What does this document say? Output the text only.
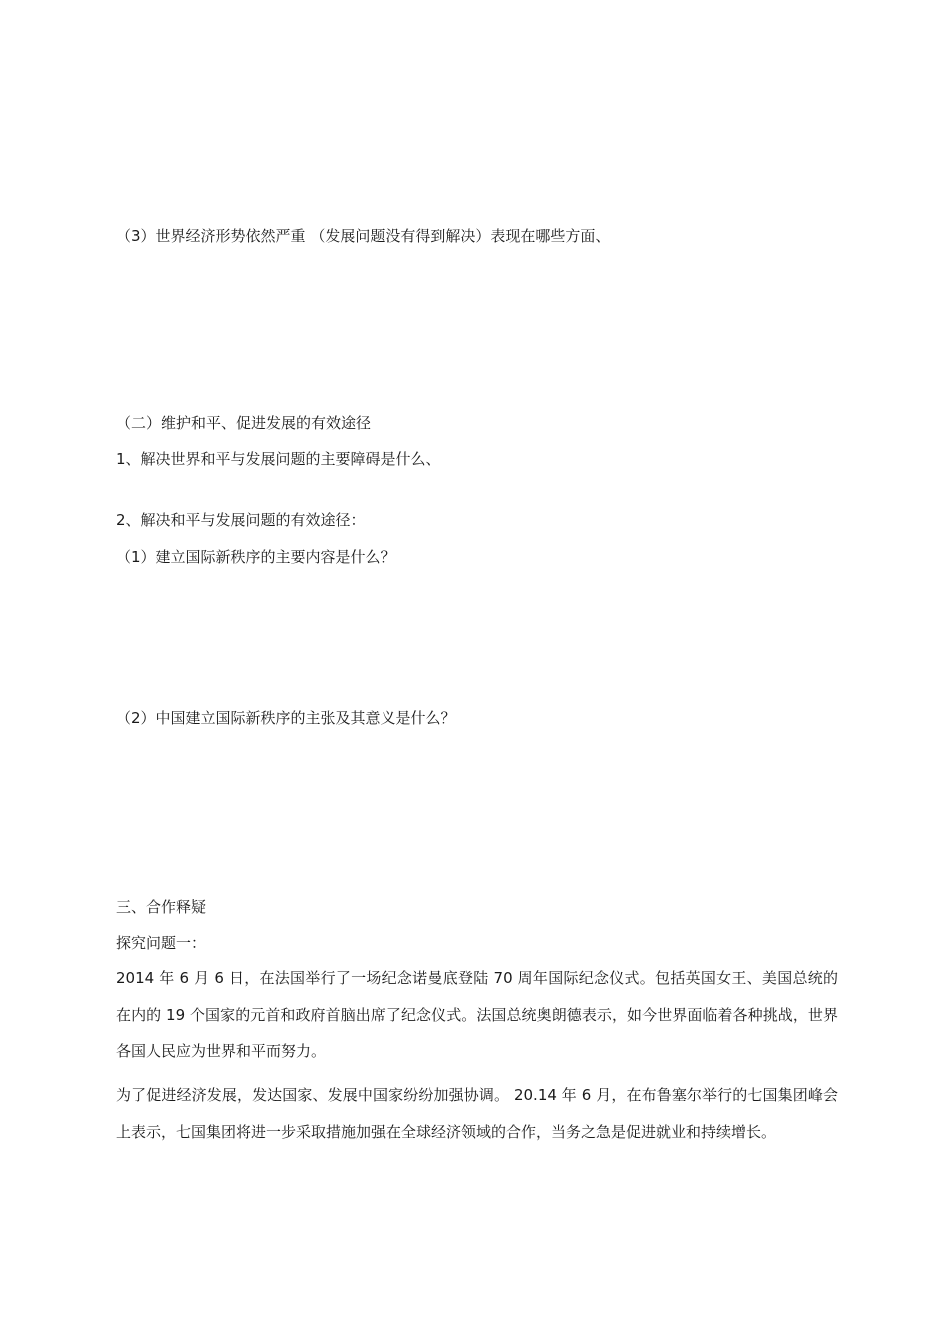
（3）世界经济形势依然严重 （发展问题没有得到解决）表现在哪些方面、
（二）维护和平、促进发展的有效途径
1、解决世界和平与发展问题的主要障碍是什么、
2、解决和平与发展问题的有效途径：
（1）建立国际新秩序的主要内容是什么？
（2）中国建立国际新秩序的主张及其意义是什么？
三、合作释疑
探究问题一：
2014 年 6 月 6 日，在法国举行了一场纪念诺曼底登陆 70 周年国际纪念仪式。包括英国女王、美国总统的在内的 19 个国家的元首和政府首脑出席了纪念仪式。法国总统奥朗德表示，如今世界面临着各种挑战，世界各国人民应为世界和平而努力。
为了促进经济发展，发达国家、发展中国家纷纷加强协调。 20.14 年 6 月，在布鲁塞尔举行的七国集团峰会上表示，七国集团将进一步采取措施加强在全球经济领域的合作，当务之急是促进就业和持续增长。
